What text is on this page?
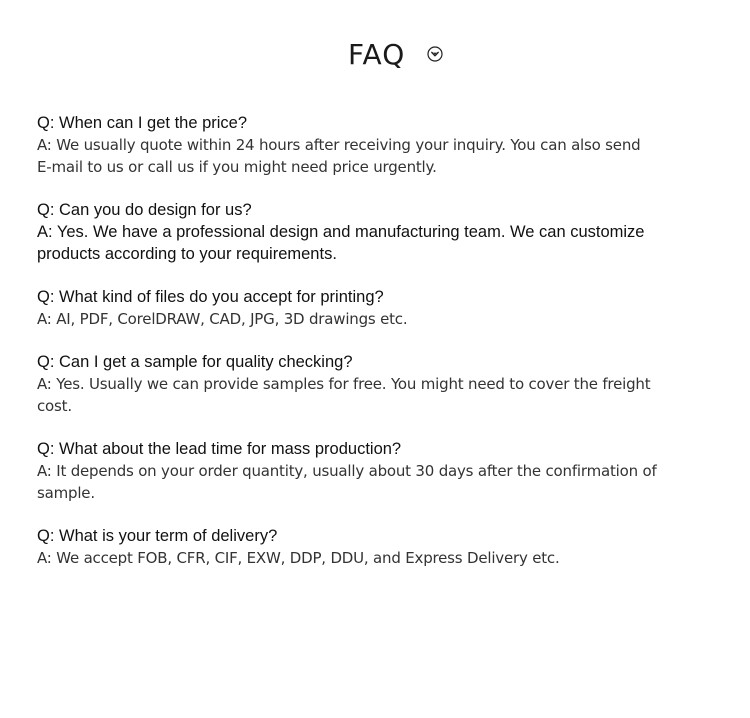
FAQ
Q: When can I get the price?
A: We usually quote within 24 hours after receiving your inquiry. You can also send
E-mail to us or call us if you might need price urgently.
Q: Can you do design for us?
A: Yes. We have a professional design and manufacturing team. We can customize
products according to your requirements.
Q: What kind of files do you accept for printing?
A: AI, PDF, CorelDRAW, CAD, JPG, 3D drawings etc.
Q: Can I get a sample for quality checking?
A: Yes. Usually we can provide samples for free. You might need to cover the freight
cost.
Q: What about the lead time for mass production?
A: It depends on your order quantity, usually about 30 days after the confirmation of
sample.
Q: What is your term of delivery?
A: We accept FOB, CFR, CIF, EXW, DDP, DDU, and Express Delivery etc.
